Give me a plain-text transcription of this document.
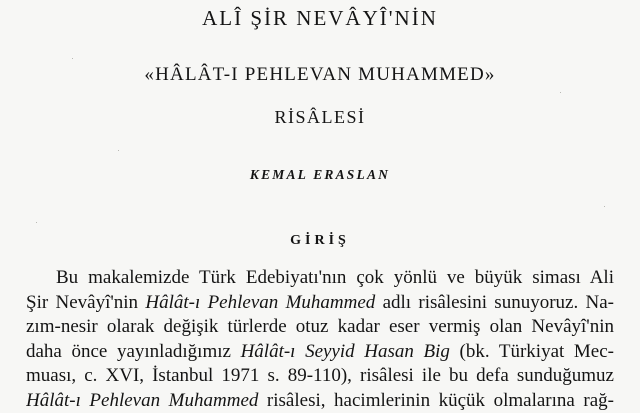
ALÎ ŞİR NEVÂYÎ'NİN
«HÂLÂT-I PEHLEVAN MUHAMMED»
RİSÂLESİ
KEMAL ERASLAN
GİRİŞ
Bu makalemizde Türk Edebiyatı'nın çok yönlü ve büyük siması Ali
Şir Nevâyî'nin Hâlât-ı Pehlevan Muhammed adlı risâlesini sunuyoruz. Na-
zım-nesir olarak değişik türlerde otuz kadar eser vermiş olan Nevâyî'nin
daha önce yayınladığımız Hâlât-ı Seyyid Hasan Big (bk. Türkiyat Mec-
muası, c. XVI, İstanbul 1971 s. 89-110), risâlesi ile bu defa sunduğumuz
Hâlât-ı Pehlevan Muhammed risâlesi, hacimlerinin küçük olmalarına rağ-
